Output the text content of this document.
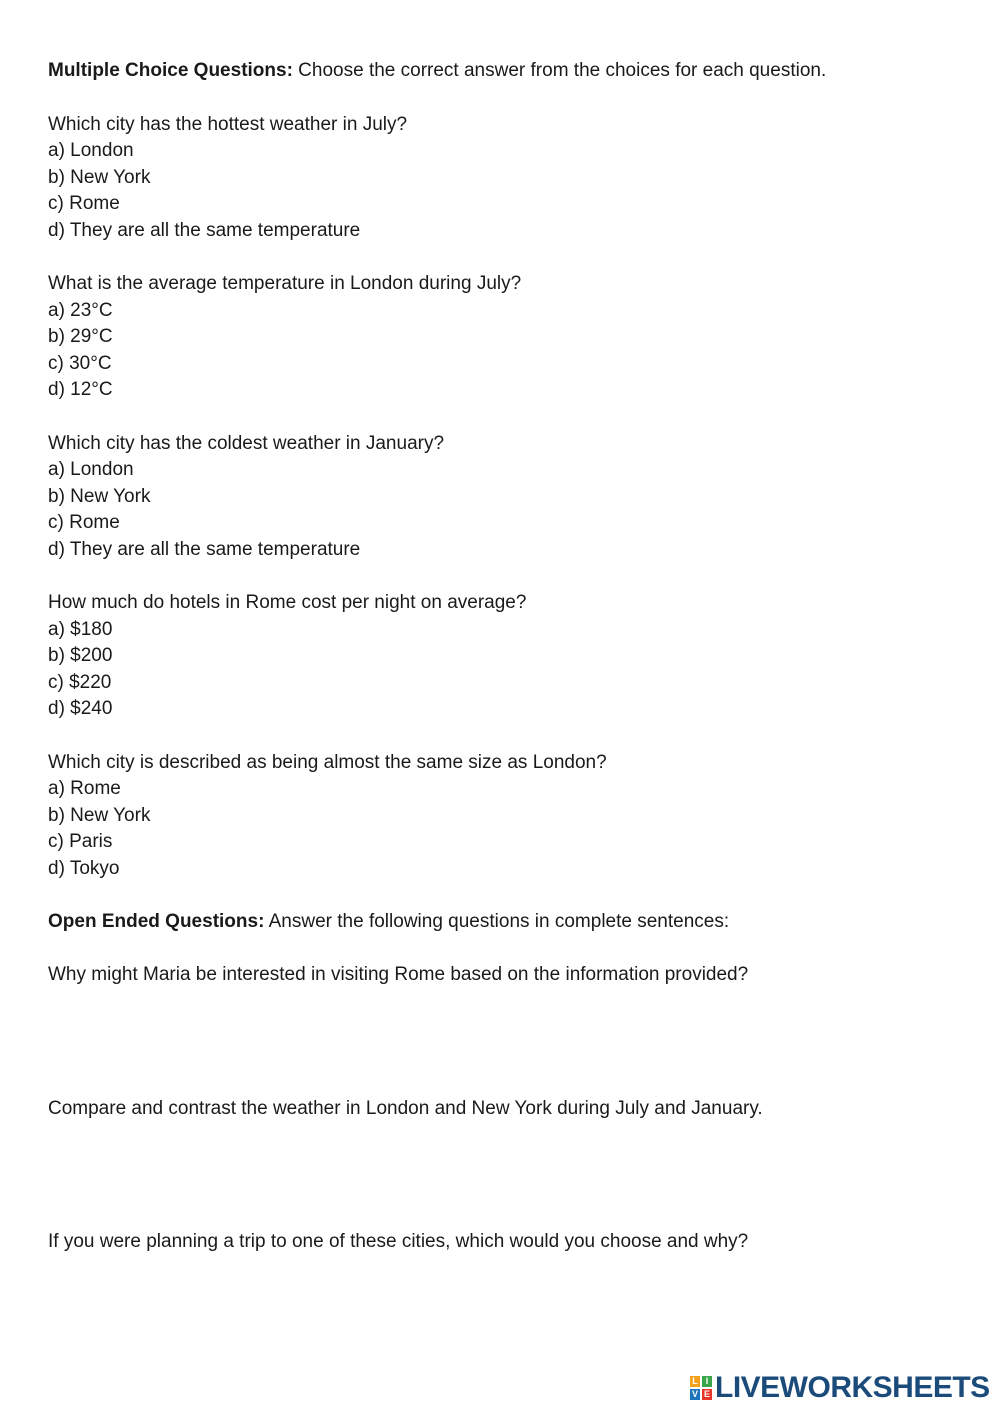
Multiple Choice Questions: Choose the correct answer from the choices for each question.
Which city has the hottest weather in July?
a) London
b) New York
c) Rome
d) They are all the same temperature
What is the average temperature in London during July?
a) 23°C
b) 29°C
c) 30°C
d) 12°C
Which city has the coldest weather in January?
a) London
b) New York
c) Rome
d) They are all the same temperature
How much do hotels in Rome cost per night on average?
a) $180
b) $200
c) $220
d) $240
Which city is described as being almost the same size as London?
a) Rome
b) New York
c) Paris
d) Tokyo
Open Ended Questions: Answer the following questions in complete sentences:
Why might Maria be interested in visiting Rome based on the information provided?
Compare and contrast the weather in London and New York during July and January.
If you were planning a trip to one of these cities, which would you choose and why?
L I
V E LIVEWORKSHEETS
